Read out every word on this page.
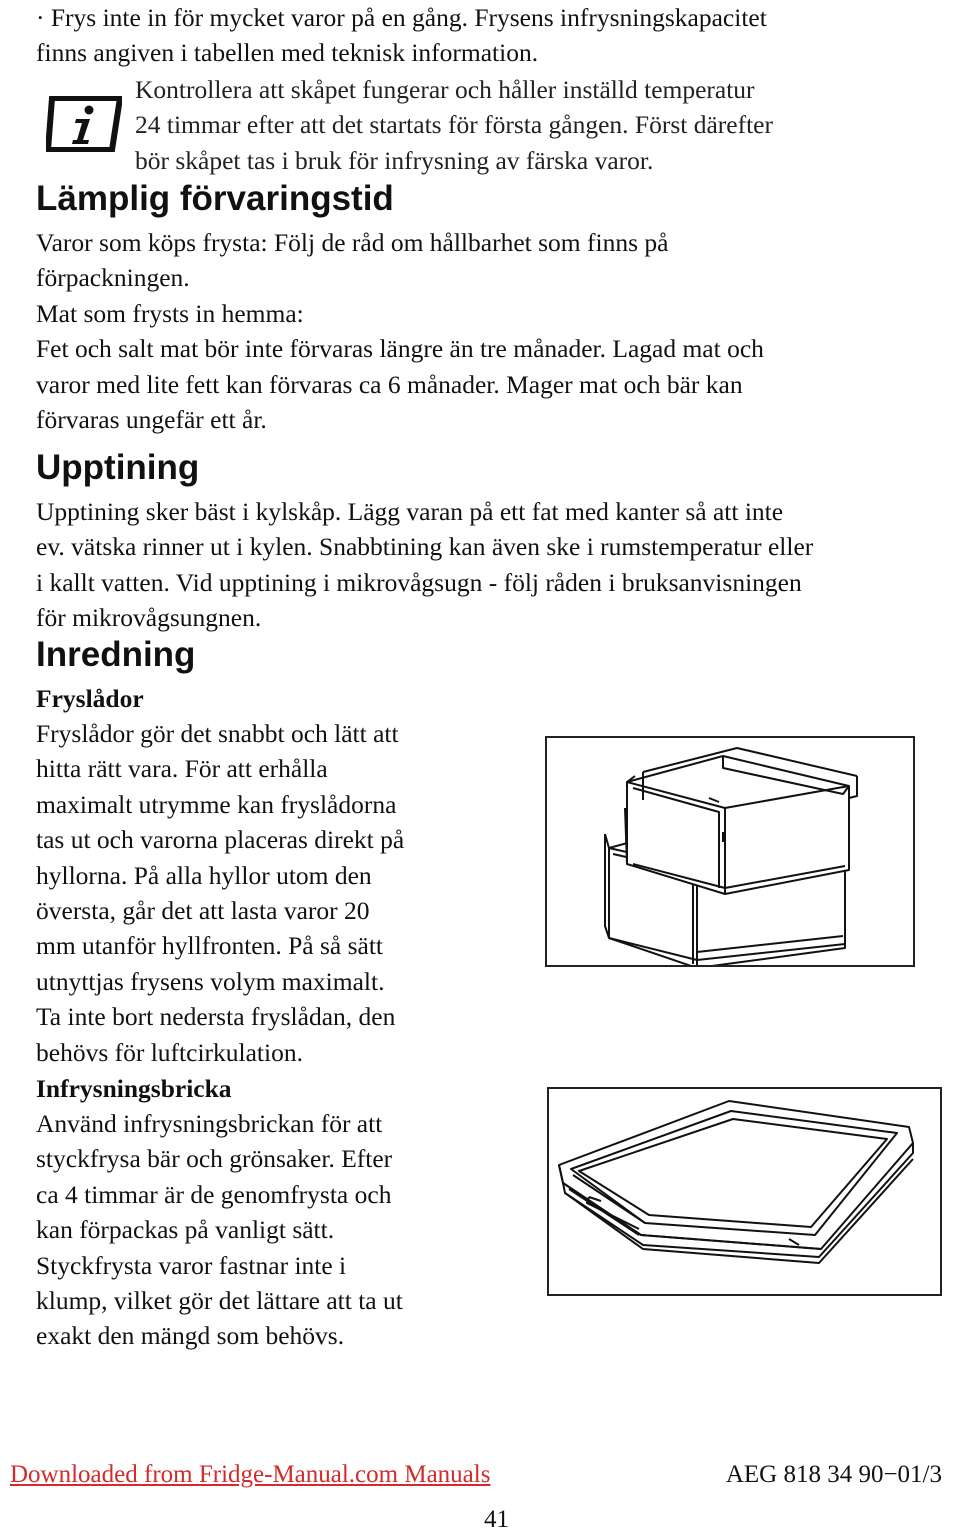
· Frys inte in för mycket varor på en gång. Frysens infrysningskapacitet
finns angiven i tabellen med teknisk information.
Kontrollera att skåpet fungerar och håller inställd temperatur
24 timmar efter att det startats för första gången. Först därefter
bör skåpet tas i bruk för infrysning av färska varor.
Lämplig förvaringstid
Varor som köps frysta: Följ de råd om hållbarhet som finns på
förpackningen.
Mat som frysts in hemma:
Fet och salt mat bör inte förvaras längre än tre månader. Lagad mat och
varor med lite fett kan förvaras ca 6 månader. Mager mat och bär kan
förvaras ungefär ett år.
Upptining
Upptining sker bäst i kylskåp. Lägg varan på ett fat med kanter så att inte
ev. vätska rinner ut i kylen. Snabbtining kan även ske i rumstemperatur eller
i kallt vatten. Vid upptining i mikrovågsugn - följ råden i bruksanvisningen
för mikrovågsungnen.
Inredning
Fryslådor
Fryslådor gör det snabbt och lätt att
hitta rätt vara. För att erhålla
maximalt utrymme kan fryslådorna
tas ut och varorna placeras direkt på
hyllorna. På alla hyllor utom den
översta, går det att lasta varor 20
mm utanför hyllfronten. På så sätt
utnyttjas frysens volym maximalt.
Ta inte bort nedersta fryslådan, den
behövs för luftcirkulation.
Infrysningsbricka
Använd infrysningsbrickan för att
styckfrysa bär och grönsaker. Efter
ca 4 timmar är de genomfrysta och
kan förpackas på vanligt sätt.
Styckfrysta varor fastnar inte i
klump, vilket gör det lättare att ta ut
exakt den mängd som behövs.
Downloaded from Fridge-Manual.com Manuals	AEG 818 34 90−01/3
41
